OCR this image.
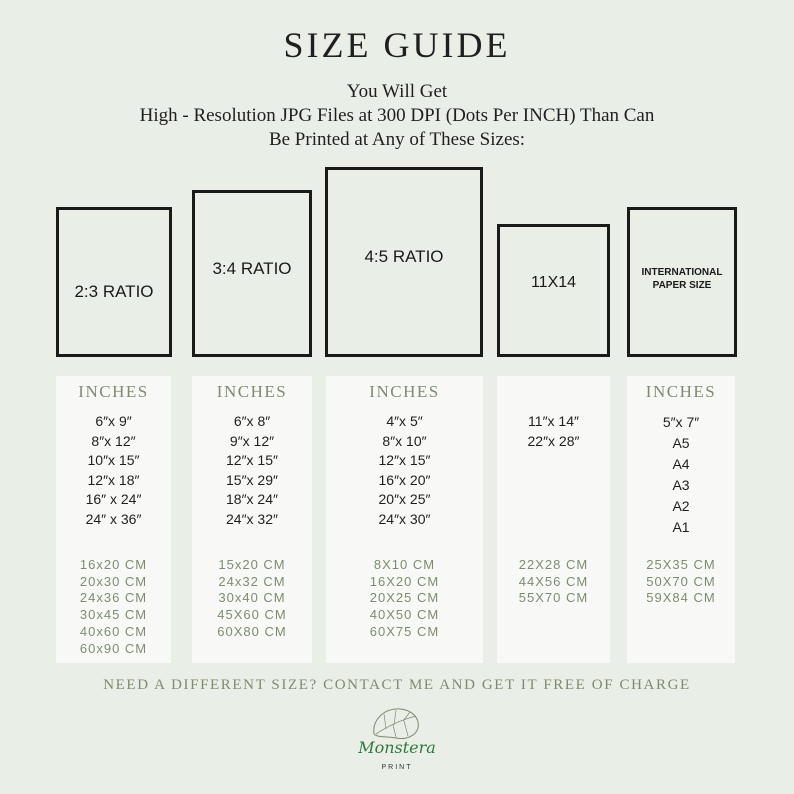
SIZE GUIDE
You Will Get
High - Resolution JPG Files at 300 DPI (Dots Per INCH) Than Can
Be Printed at Any of These Sizes:
2:3 RATIO
3:4 RATIO
4:5 RATIO
11X14
INTERNATIONAL PAPER SIZE
INCHES
6″x 9″
8″x 12″
10″x 15″
12″x 18″
16″ x 24″
24″ x 36″
16x20 CM
20x30 CM
24x36 CM
30x45 CM
40x60 CM
60x90 CM
INCHES
6″x 8″
9″x 12″
12″x 15″
15″x 29″
18″x 24″
24″x 32″
15x20 CM
24x32 CM
30x40 CM
45X60 CM
60X80 CM
INCHES
4″x 5″
8″x 10″
12″x 15″
16″x 20″
20″x 25″
24″x 30″
8X10 CM
16X20 CM
20X25 CM
40X50 CM
60X75 CM
11″x 14″
22″x 28″
22X28 CM
44X56 CM
55X70 CM
INCHES
5″x 7″
A5
A4
A3
A2
A1
25X35 CM
50X70 CM
59X84 CM
NEED A DIFFERENT SIZE? CONTACT ME AND GET IT FREE OF CHARGE
Monstera
PRINT
